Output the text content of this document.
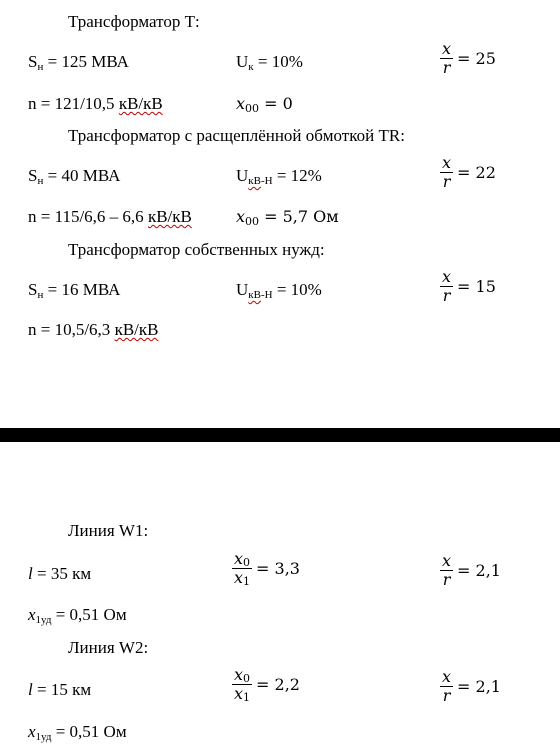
Трансформатор Т:
$S_н = 125$ МВА	$U_к = 10\%$	$\frac{x}{r} = 25$
n = 121/10,5 кВ/кВ	$x_{00} = 0$
Трансформатор с расщеплённой обмоткой TR:
$S_н = 40$ МВА	$U_{кВ-Н} = 12\%$	$\frac{x}{r} = 22$
n = 115/6,6 – 6,6 кВ/кВ	$x_{00} = 5,7$ Ом
Трансформатор собственных нужд:
$S_н = 16$ МВА	$U_{кВ-Н} = 10\%$	$\frac{x}{r} = 15$
n = 10,5/6,3 кВ/кВ
Линия W1:
l = 35 км	$\frac{x_0}{x_1} = 3,3$	$\frac{x}{r} = 2,1$
$x_{1уд} = 0,51$ Ом
Линия W2:
l = 15 км	$\frac{x_0}{x_1} = 2,2$	$\frac{x}{r} = 2,1$
$x_{1уд} = 0,51$ Ом
